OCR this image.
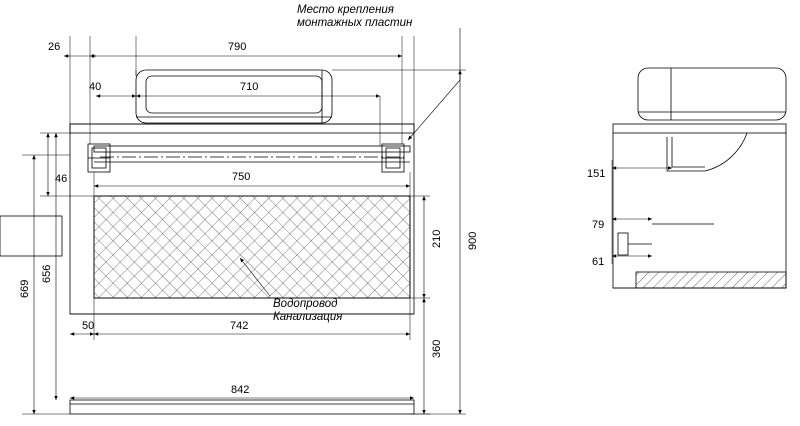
Место крепления
монтажных пластин
Водопровод
Канализация
26	790
40	710
46	750
50	742
842
210
360
900
656
669
151
79
61
